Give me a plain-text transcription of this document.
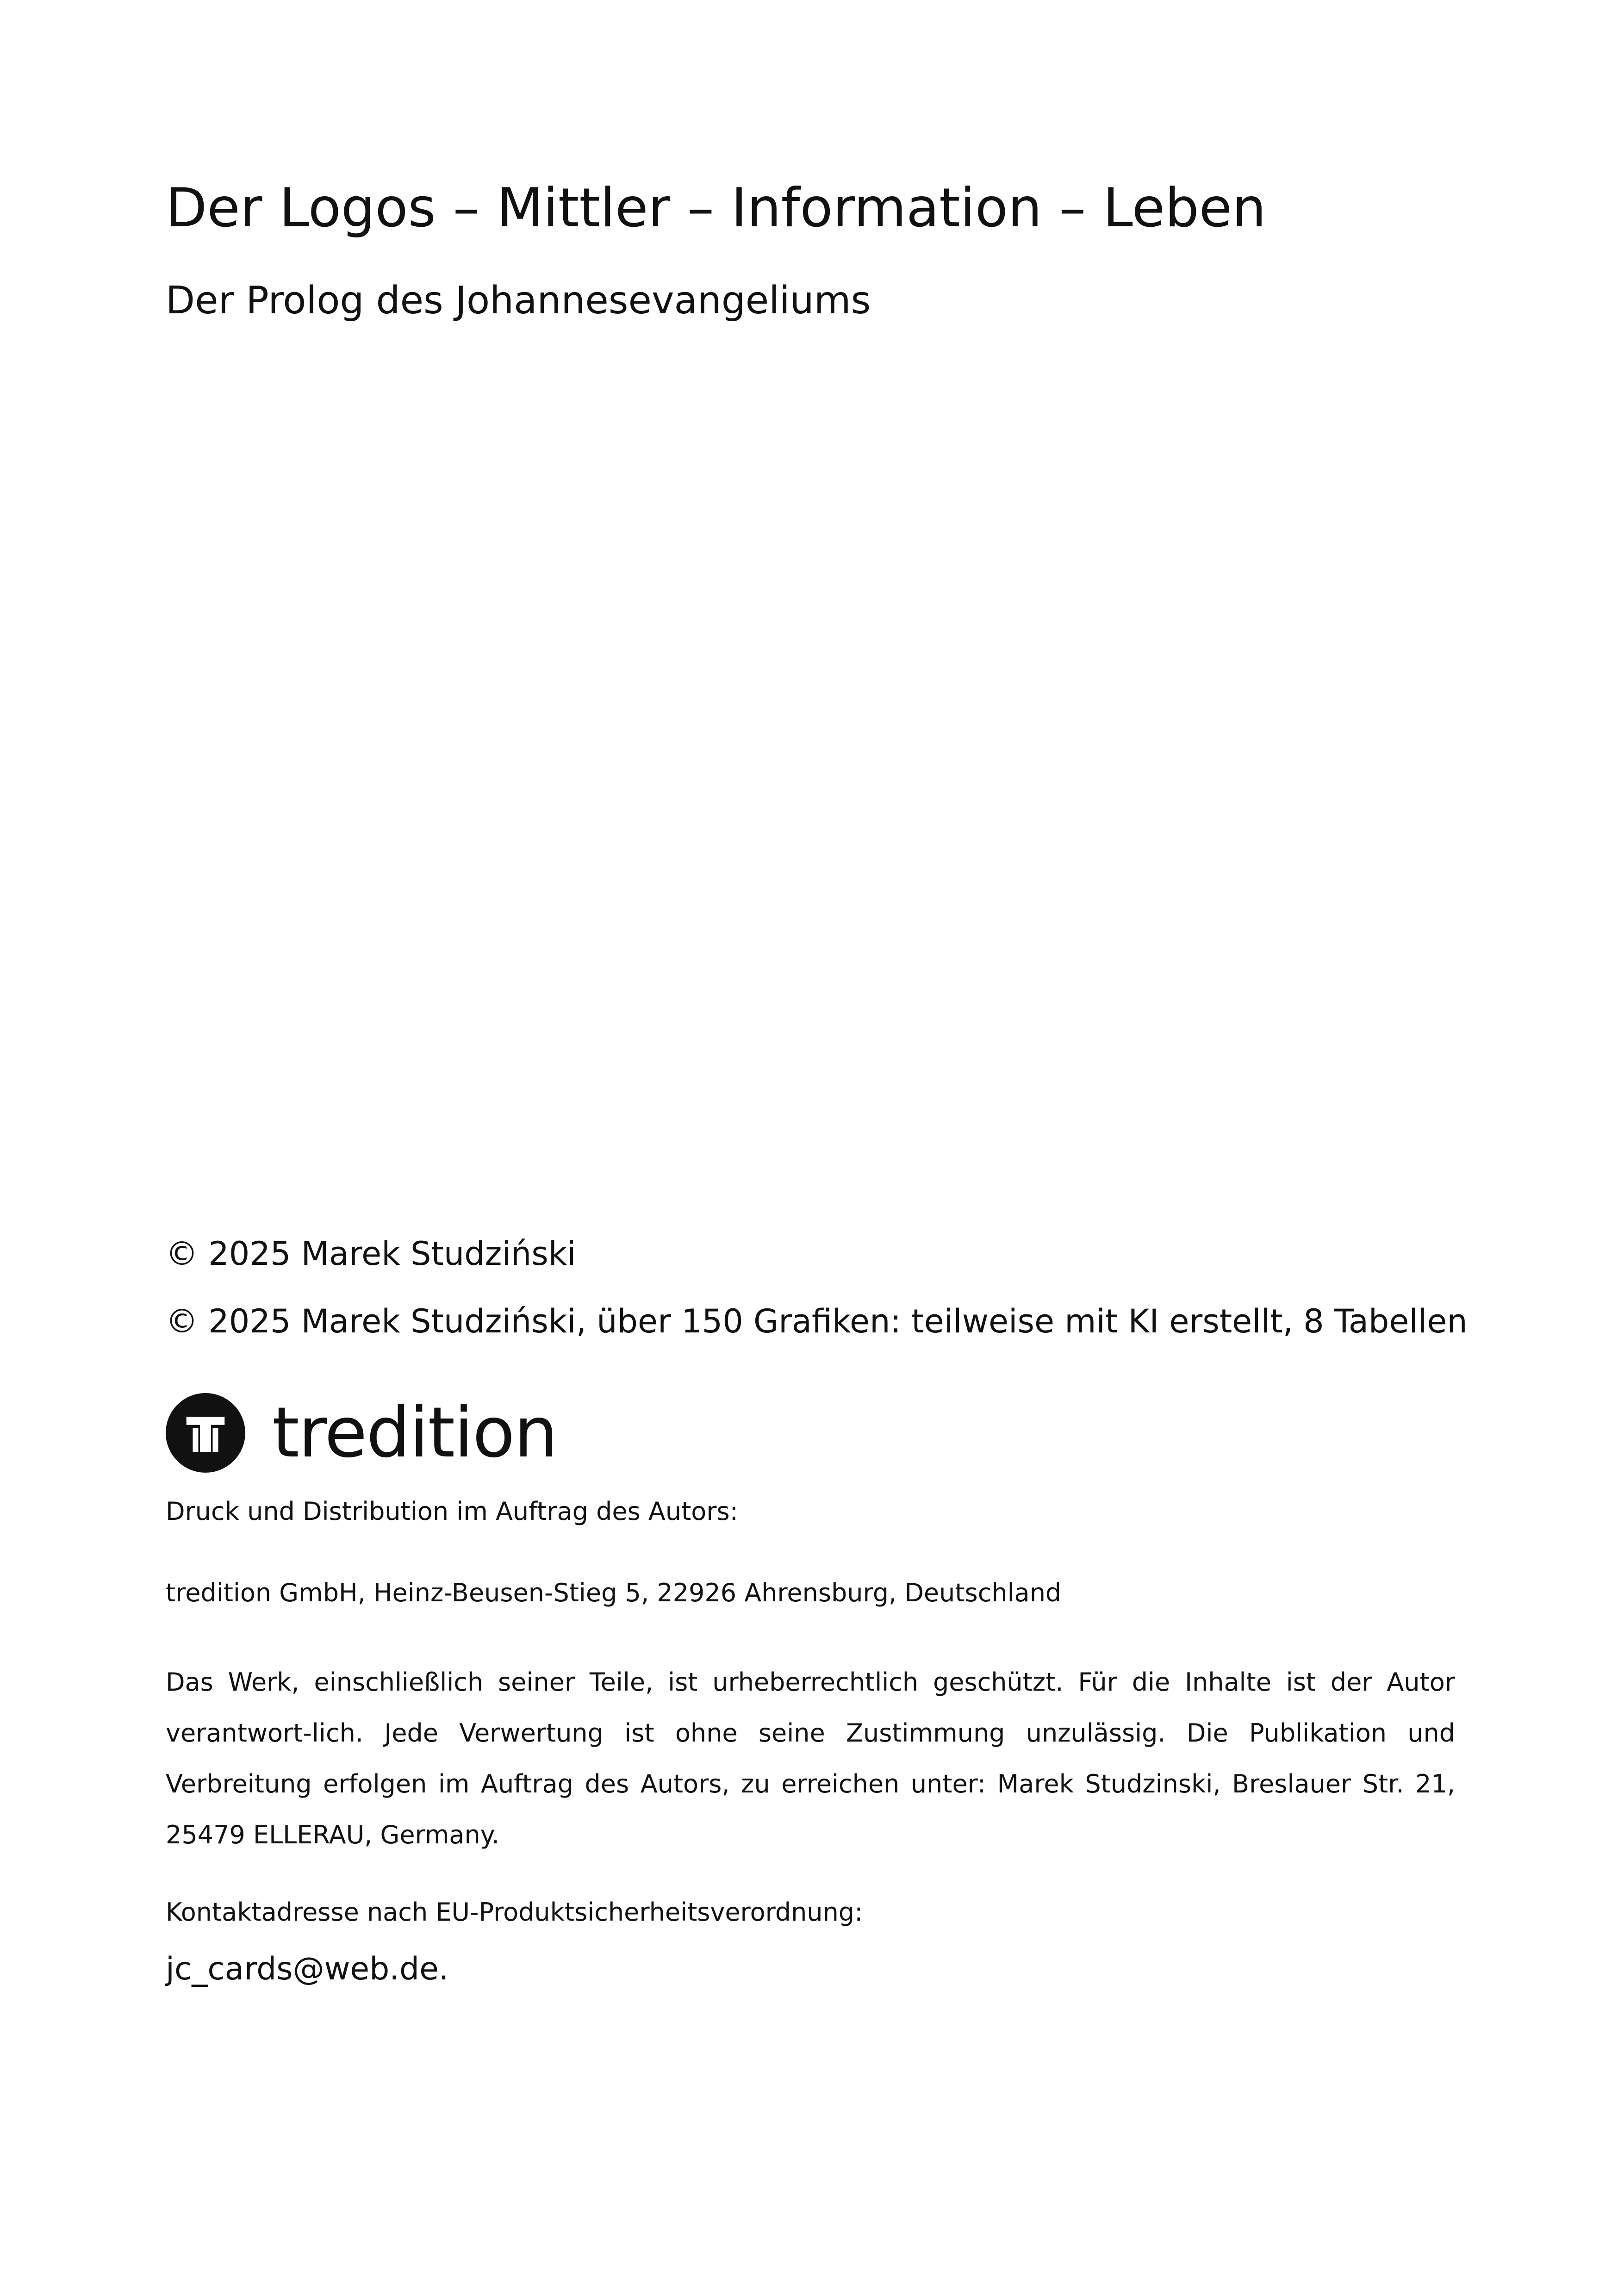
Der Logos – Mittler – Information – Leben
Der Prolog des Johannesevangeliums
© 2025 Marek Studziński
© 2025 Marek Studziński, über 150 Grafiken: teilweise mit KI erstellt, 8 Tabellen
tredition
Druck und Distribution im Auftrag des Autors:
tredition GmbH, Heinz-Beusen-Stieg 5, 22926 Ahrensburg, Deutschland
Das Werk, einschließlich seiner Teile, ist urheberrechtlich geschützt. Für die Inhalte ist der Autor verantwort-lich. Jede Verwertung ist ohne seine Zustimmung unzulässig. Die Publikation und Verbreitung erfolgen im Auftrag des Autors, zu erreichen unter: Marek Studzinski, Breslauer Str. 21, 25479 ELLERAU, Germany.
Kontaktadresse nach EU-Produktsicherheitsverordnung:
jc_cards@web.de.
